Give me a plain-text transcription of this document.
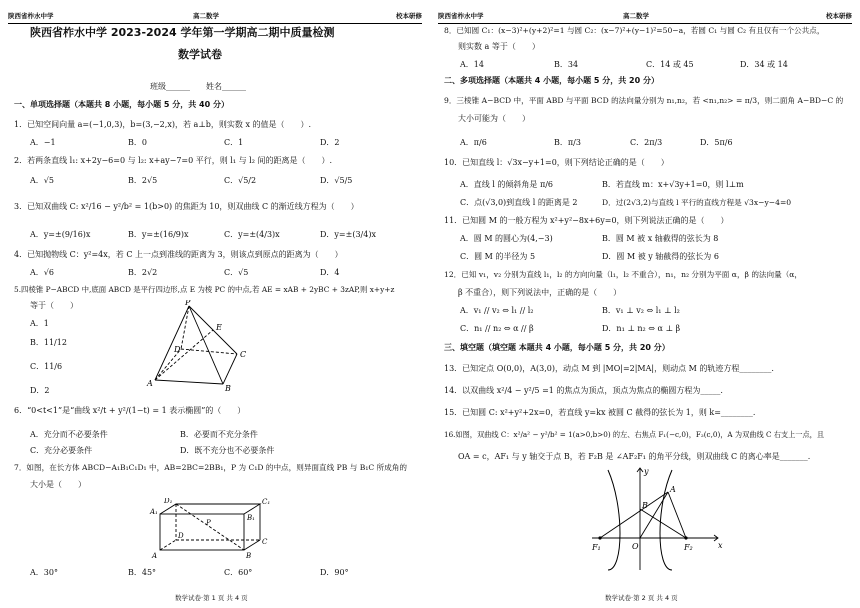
陕西省柞水中学	高二数学	校本研修
陕西省柞水中学 2023-2024 学年第一学期高二期中质量检测
数学试卷
班级______　　姓名______
一、单项选择题（本题共 8 小题，每小题 5 分，共 40 分）
1．已知空间向量 a=(−1,0,3)，b=(3,−2,x)，若 a⊥b，则实数 x 的值是（　　）.
A．−1	B．0	C．1	D．2
2．若两条直线 l₁: x+2y−6=0 与 l₂: x+ay−7=0 平行，则 l₁ 与 l₂ 间的距离是（　　）.
A．√5	B．2√5	C．√5/2	D．√5/5
3．已知双曲线 C: x²/16 − y²/b² = 1(b>0) 的焦距为 10，则双曲线 C 的渐近线方程为（　　）
A．y=±(9/16)x	B．y=±(16/9)x	C．y=±(4/3)x	D．y=±(3/4)x
4．已知抛物线 C：y²=4x，若 C 上一点到准线的距离为 3，则该点到原点的距离为（　　）
A．√6	B．2√2	C．√5	D．4
5.四棱锥 P−ABCD 中,底面 ABCD 是平行四边形,点 E 为棱 PC 的中点,若 AE = xAB + 2yBC + 3zAP,则 x+y+z
等于（　　）
A．1
B．11/12
C．11/6
D．2
P
A
B
C
D
E
6．“0<t<1”是“曲线 x²/t + y²/(1−t) = 1 表示椭圆”的（　　）
A．充分而不必要条件	B．必要而不充分条件
C．充分必要条件	D．既不充分也不必要条件
7．如图，在长方体 ABCD−A₁B₁C₁D₁ 中，AB=2BC=2BB₁，P 为 C₁D 的中点，则异面直线 PB 与 B₁C 所成角的
大小是（　　）
D₁	C₁
A₁
B₁
P
D
C
A	B
A．30°	B．45°	C．60°	D．90°
数学试卷·第 1 页 共 4 页
陕西省柞水中学	高二数学	校本研修
8．已知圆 C₁：(x−3)²+(y+2)²=1 与圆 C₂：(x−7)²+(y−1)²=50−a，若圆 C₁ 与圆 C₂ 有且仅有一个公共点，
则实数 a 等于（　　）
A．14	B．34	C．14 或 45	D．34 或 14
二、多项选择题（本题共 4 小题，每小题 5 分，共 20 分）
9．三棱锥 A−BCD 中，平面 ABD 与平面 BCD 的法向量分别为 n₁,n₂，若 <n₁,n₂> = π/3，则二面角 A−BD−C 的
大小可能为（　　）
A．π/6	B．π/3	C．2π/3	D．5π/6
10．已知直线 l：√3x−y+1=0，则下列结论正确的是（　　）
A．直线 l 的倾斜角是 π/6	B．若直线 m：x+√3y+1=0，则 l⊥m
C．点(√3,0)到直线 l 的距离是 2	D．过(2√3,2)与直线 l 平行的直线方程是 √3x−y−4=0
11．已知圆 M 的一般方程为 x²+y²−8x+6y=0，则下列说法正确的是（　　）
A．圆 M 的圆心为(4,−3)	B．圆 M 被 x 轴截得的弦长为 8
C．圆 M 的半径为 5	D．圆 M 被 y 轴截得的弦长为 6
12．已知 v₁，v₂ 分别为直线 l₁，l₂ 的方向向量（l₁，l₂ 不重合），n₁，n₂ 分别为平面 α，β 的法向量（α，
β 不重合），则下列说法中，正确的是（　　）
A．v₁ // v₂ ⇔ l₁ // l₂	B．v₁ ⊥ v₂ ⇔ l₁ ⊥ l₂
C．n₁ // n₂ ⇔ α // β	D．n₁ ⊥ n₂ ⇔ α ⊥ β
三、填空题（填空题 本题共 4 小题，每小题 5 分，共 20 分）
13．已知定点 O(0,0)，A(3,0)，动点 M 到 |MO|=2|MA|，则动点 M 的轨迹方程________.
14．以双曲线 x²/4 − y²/5 =1 的焦点为顶点，顶点为焦点的椭圆方程为_____.
15．已知圆 C: x²+y²+2x=0，若直线 y=kx 被圆 C 截得的弦长为 1，则 k=________.
16.如图，双曲线 C：x²/a² − y²/b² = 1(a>0,b>0) 的左、右焦点 F₁(−c,0)，F₂(c,0)，A 为双曲线 C 右支上一点，且
OA = c，AF₁ 与 y 轴交于点 B，若 F₂B 是 ∠AF₂F₁ 的角平分线，则双曲线 C 的离心率是_______.
y
x
O
F₁	F₂
A
B
数学试卷·第 2 页 共 4 页
